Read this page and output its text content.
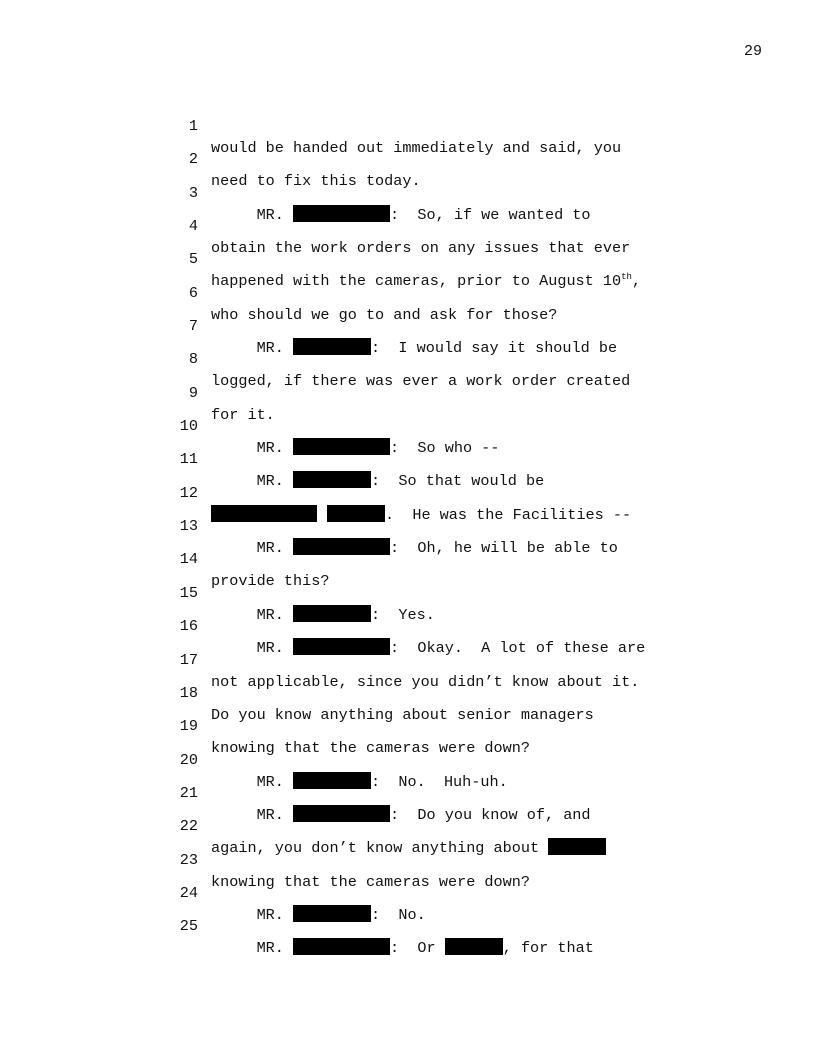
29

1

would be handed out immediately and said, you

2

need to fix this today.

3

MR.	:  So, if we wanted to

4

obtain the work orders on any issues that ever

5

happened with the cameras, prior to August 10th,

6

who should we go to and ask for those?

7

MR.	:  I would say it should be

8

logged, if there was ever a work order created

9

for it.

10

MR.	:  So who --

11

MR.	:  So that would be

12

.  He was the Facilities --

13

MR.	:  Oh, he will be able to

14

provide this?

15

MR.	:  Yes.

16

MR.	:  Okay.  A lot of these are

17

not applicable, since you didn’t know about it.

18

Do you know anything about senior managers

19

knowing that the cameras were down?

20

MR.	:  No.  Huh-uh.

21

MR.	:  Do you know of, and

22

again, you don’t know anything about

23

knowing that the cameras were down?

24

MR.	:  No.

25

MR.	:  Or	, for that
